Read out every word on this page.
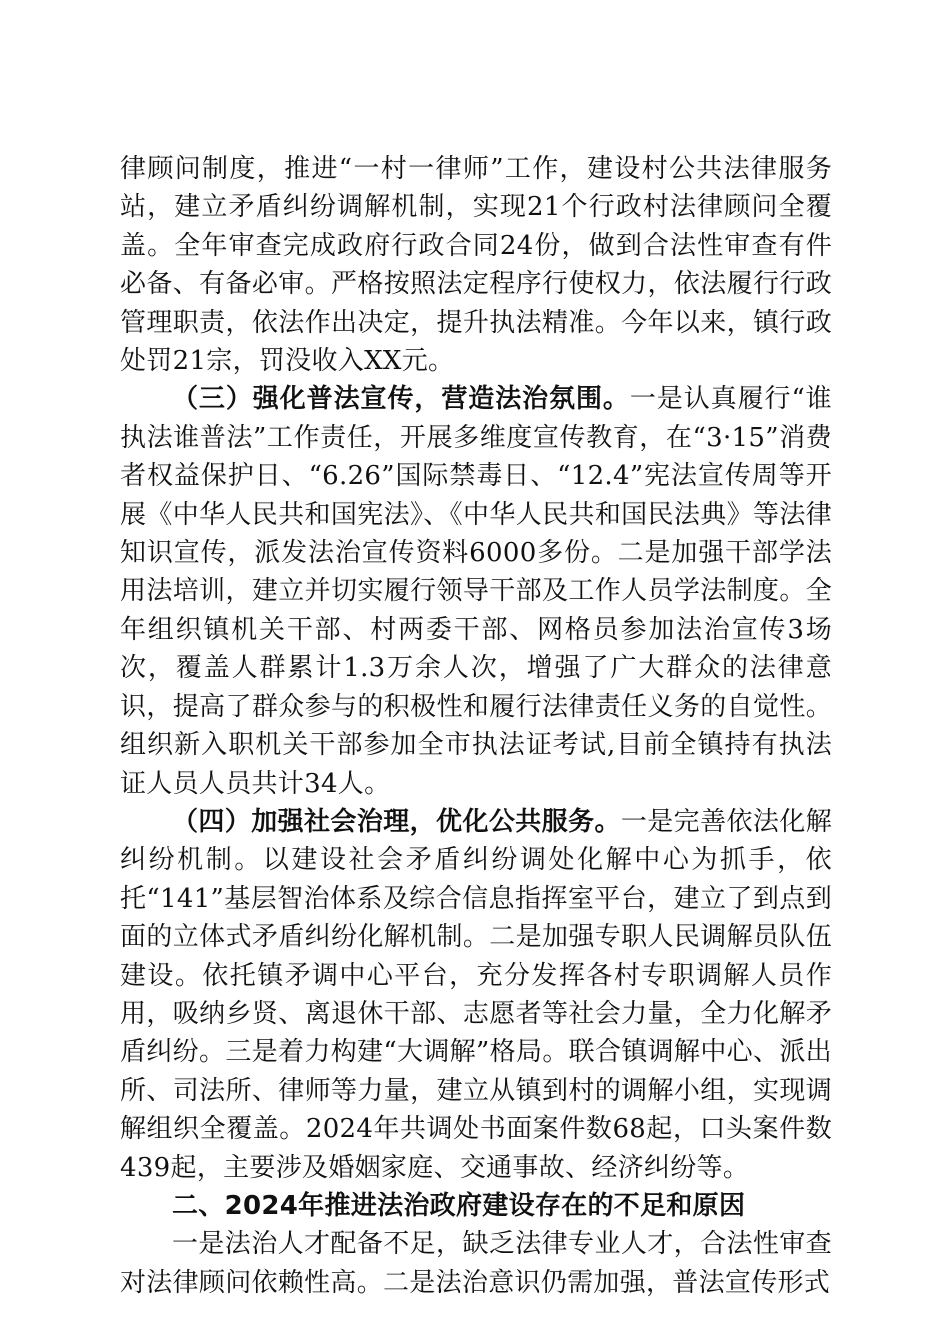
律顾问制度，推进“一村一律师”工作，建设村公共法律服务站，建立矛盾纠纷调解机制，实现21个行政村法律顾问全覆盖。全年审查完成政府行政合同24份，做到合法性审查有件必备、有备必审。严格按照法定程序行使权力，依法履行行政管理职责，依法作出决定，提升执法精准。今年以来，镇行政处罚21宗，罚没收入XX元。

（三）强化普法宣传，营造法治氛围。一是认真履行“谁执法谁普法”工作责任，开展多维度宣传教育，在“3·15”消费者权益保护日、“6.26”国际禁毒日、“12.4”宪法宣传周等开展《中华人民共和国宪法》、《中华人民共和国民法典》等法律知识宣传，派发法治宣传资料6000多份。二是加强干部学法用法培训，建立并切实履行领导干部及工作人员学法制度。全年组织镇机关干部、村两委干部、网格员参加法治宣传3场次，覆盖人群累计1.3万余人次，增强了广大群众的法律意识，提高了群众参与的积极性和履行法律责任义务的自觉性。组织新入职机关干部参加全市执法证考试,目前全镇持有执法证人员人员共计34人。

（四）加强社会治理，优化公共服务。一是完善依法化解纠纷机制。以建设社会矛盾纠纷调处化解中心为抓手，依托“141”基层智治体系及综合信息指挥室平台，建立了到点到面的立体式矛盾纠纷化解机制。二是加强专职人民调解员队伍建设。依托镇矛调中心平台，充分发挥各村专职调解人员作用，吸纳乡贤、离退休干部、志愿者等社会力量，全力化解矛盾纠纷。三是着力构建“大调解”格局。联合镇调解中心、派出所、司法所、律师等力量，建立从镇到村的调解小组，实现调解组织全覆盖。2024年共调处书面案件数68起，口头案件数439起，主要涉及婚姻家庭、交通事故、经济纠纷等。

二、2024年推进法治政府建设存在的不足和原因

一是法治人才配备不足，缺乏法律专业人才，合法性审查对法律顾问依赖性高。二是法治意识仍需加强，普法宣传形式
